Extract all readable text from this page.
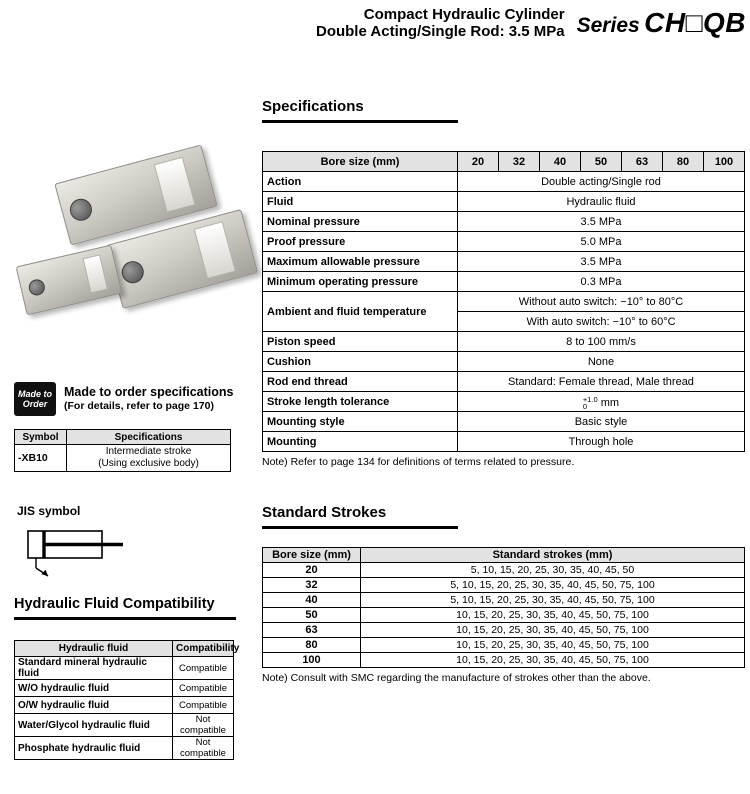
Compact Hydraulic Cylinder
Double Acting/Single Rod: 3.5 MPa Series CH□QB
Made to
Order
Made to order specifications
(For details, refer to page 170)
Symbol	Specifications
-XB10	Intermediate stroke
(Using exclusive body)
JIS symbol
Hydraulic Fluid Compatibility
Hydraulic fluid	Compatibility
Standard mineral hydraulic fluid	Compatible
W/O hydraulic fluid	Compatible
O/W hydraulic fluid	Compatible
Water/Glycol hydraulic fluid	Not compatible
Phosphate hydraulic fluid	Not compatible
Specifications
Bore size (mm)	20	32	40	50	63	80	100
Action	Double acting/Single rod						
Fluid	Hydraulic fluid						
Nominal pressure	3.5 MPa						
Proof pressure	5.0 MPa						
Maximum allowable pressure	3.5 MPa						
Minimum operating pressure	0.3 MPa						
Ambient and fluid temperature	Without auto switch: −10° to 80°C						
	With auto switch: −10° to 60°C						
Piston speed	8 to 100 mm/s						
Cushion	None						
Rod end thread	Standard: Female thread, Male thread						
Stroke length tolerance	+1.0
0 mm						

Mounting style	Basic style						
Mounting	Through hole						
Note) Refer to page 134 for definitions of terms related to pressure.
Standard Strokes
Bore size (mm)	Standard strokes (mm)
20	5, 10, 15, 20, 25, 30, 35, 40, 45, 50
32	5, 10, 15, 20, 25, 30, 35, 40, 45, 50, 75, 100
40	5, 10, 15, 20, 25, 30, 35, 40, 45, 50, 75, 100
50	10, 15, 20, 25, 30, 35, 40, 45, 50, 75, 100
63	10, 15, 20, 25, 30, 35, 40, 45, 50, 75, 100
80	10, 15, 20, 25, 30, 35, 40, 45, 50, 75, 100
100	10, 15, 20, 25, 30, 35, 40, 45, 50, 75, 100
Note) Consult with SMC regarding the manufacture of strokes other than the above.
